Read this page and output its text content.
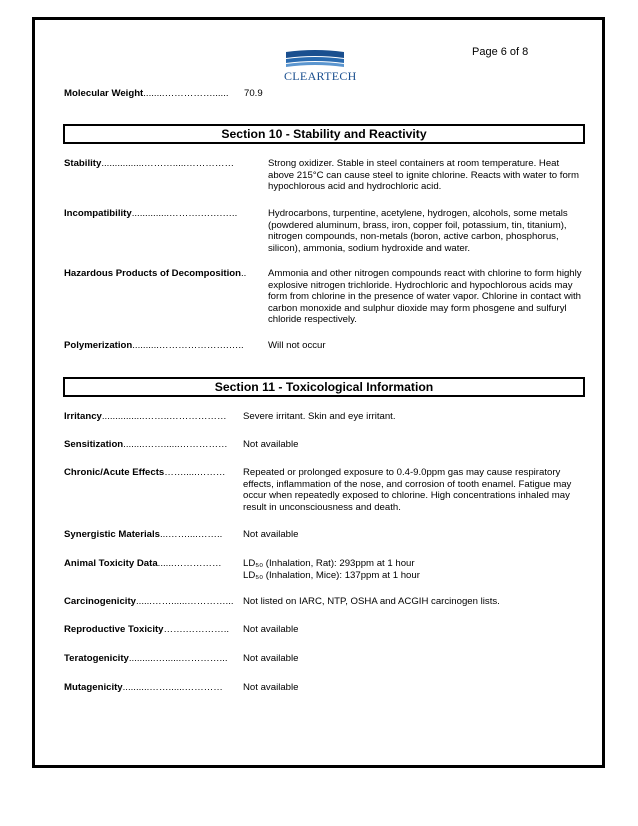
Page 6 of 8
CLEARTECH
Molecular Weight........……………...... 70.9
Section 10 - Stability and Reactivity
Stability................……….....……………	Strong oxidizer. Stable in steel containers at room temperature. Heat above 215°C can cause steel to ignite chlorine. Reacts with water to form hypochlorous acid and hydrochloric acid.
Incompatibility..............……….…….…..	Hydrocarbons, turpentine, acetylene, hydrogen, alcohols, some metals (powdered aluminum, brass, iron, copper foil, potassium, tin, titanium), nitrogen compounds, non-metals (boron, active carbon, phosphorus, silicon), ammonia, sodium hydroxide and water.
Hazardous Products of Decomposition.. Ammonia and other nitrogen compounds react with chlorine to form highly explosive nitrogen trichloride. Hydrochloric and hypochlorous acids may form from chlorine in the presence of water vapor. Chlorine in contact with carbon monoxide and sulphur dioxide may form phosgene and sulfuryl chloride respectively.
Polymerization..........………………….…..	Will not occur
Section 11 - Toxicological Information
Irritancy................……..……………… Severe irritant. Skin and eye irritant.
Sensitization........……......…………… Not available
Chronic/Acute Effects…….....……… Repeated or prolonged exposure to 0.4-9.0ppm gas may cause respiratory effects, inflammation of the nose, and corrosion of tooth enamel. Fatigue may occur when repeatedly exposed to chlorine. High concentrations inhaled may result in unconsciousness and death.
Synergistic Materials...……....…….. Not available
Animal Toxicity Data......…………… LD₅₀ (Inhalation, Rat): 293ppm at 1 hour
LD₅₀ (Inhalation, Mice): 137ppm at 1 hour
Carcinogenicity......……......…………... Not listed on IARC, NTP, OSHA and ACGIH carcinogen lists.
Reproductive Toxicity…….………….. Not available
Teratogenicity..........…......…………... Not available
Mutagenicity..........……......………… Not available
